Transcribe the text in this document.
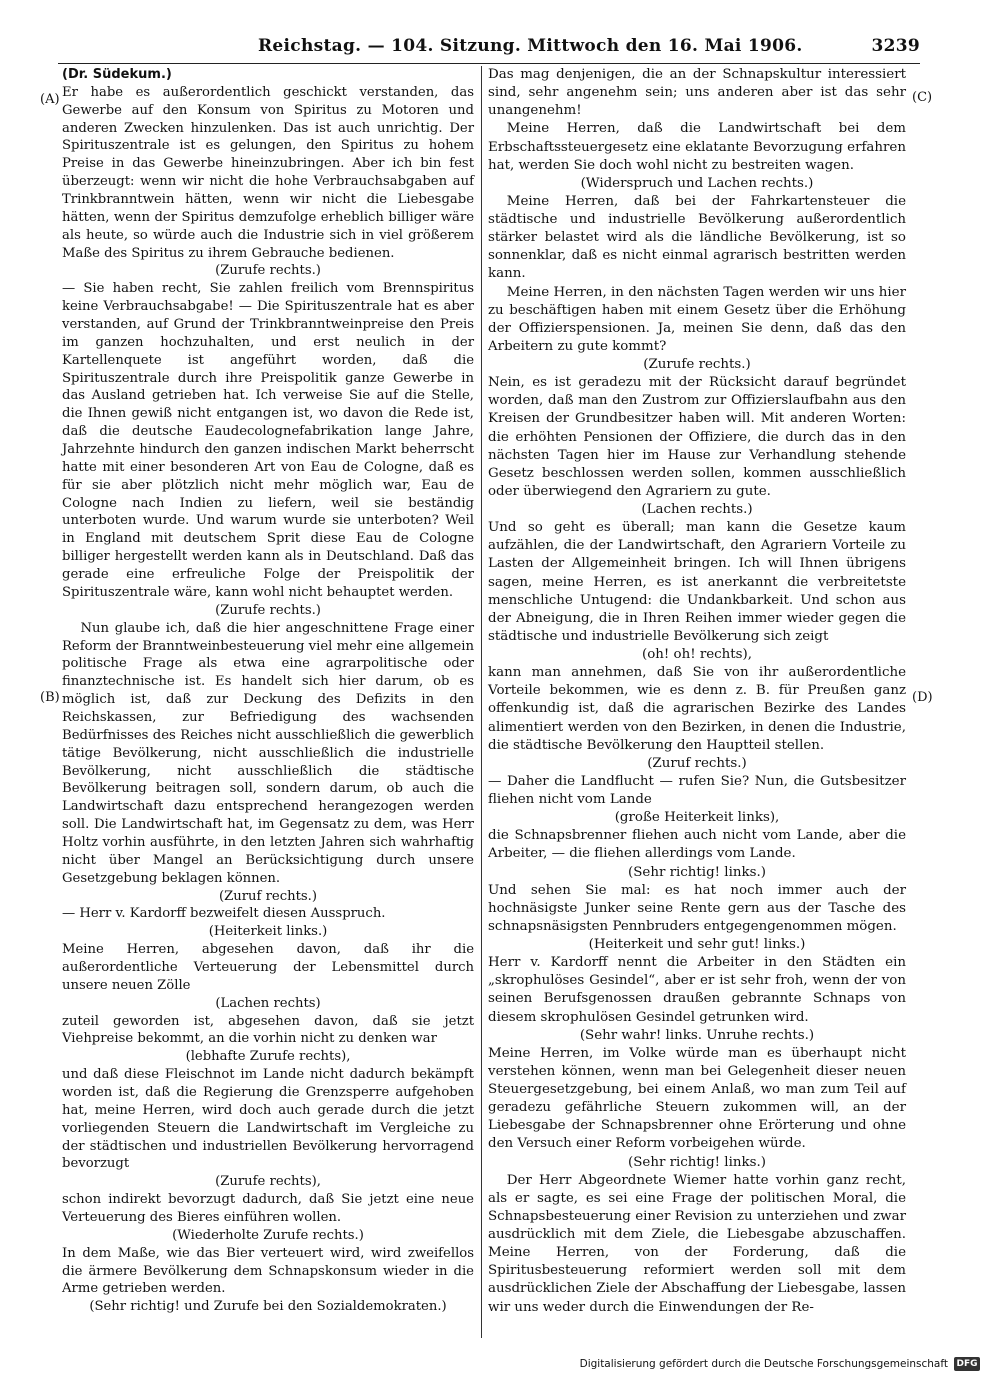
Reichstag. — 104. Sitzung. Mittwoch den 16. Mai 1906.	3239
(A)
(B)
(C)
(D)

(Dr. Südekum.)

Er habe es außerordentlich geschickt verstanden, das Gewerbe auf den Konsum von Spiritus zu Motoren und anderen Zwecken hinzulenken. Das ist auch unrichtig. Der Spirituszentrale ist es gelungen, den Spiritus zu hohem Preise in das Gewerbe hineinzubringen. Aber ich bin fest überzeugt: wenn wir nicht die hohe Verbrauchsabgaben auf Trinkbranntwein hätten, wenn wir nicht die Liebesgabe hätten, wenn der Spiritus demzufolge erheblich billiger wäre als heute, so würde auch die Industrie sich in viel größerem Maße des Spiritus zu ihrem Gebrauche bedienen.

(Zurufe rechts.)

— Sie haben recht, Sie zahlen freilich vom Brennspiritus keine Verbrauchsabgabe! — Die Spirituszentrale hat es aber verstanden, auf Grund der Trinkbranntweinpreise den Preis im ganzen hochzuhalten, und erst neulich in der Kartellenquete ist angeführt worden, daß die Spirituszentrale durch ihre Preispolitik ganze Gewerbe in das Ausland getrieben hat. Ich verweise Sie auf die Stelle, die Ihnen gewiß nicht entgangen ist, wo davon die Rede ist, daß die deutsche Eaudecolognefabrikation lange Jahre, Jahrzehnte hindurch den ganzen indischen Markt beherrscht hatte mit einer besonderen Art von Eau de Cologne, daß es für sie aber plötzlich nicht mehr möglich war, Eau de Cologne nach Indien zu liefern, weil sie beständig unterboten wurde. Und warum wurde sie unterboten? Weil in England mit deutschem Sprit diese Eau de Cologne billiger hergestellt werden kann als in Deutschland. Daß das gerade eine erfreuliche Folge der Preispolitik der Spirituszentrale wäre, kann wohl nicht behauptet werden.

(Zurufe rechts.)

Nun glaube ich, daß die hier angeschnittene Frage einer Reform der Branntweinbesteuerung viel mehr eine allgemein politische Frage als etwa eine agrarpolitische oder finanztechnische ist. Es handelt sich hier darum, ob es möglich ist, daß zur Deckung des Defizits in den Reichskassen, zur Befriedigung des wachsenden Bedürfnisses des Reiches nicht ausschließlich die gewerblich tätige Bevölkerung, nicht ausschließlich die industrielle Bevölkerung, nicht ausschließlich die städtische Bevölkerung beitragen soll, sondern darum, ob auch die Landwirtschaft dazu entsprechend herangezogen werden soll. Die Landwirtschaft hat, im Gegensatz zu dem, was Herr Holtz vorhin ausführte, in den letzten Jahren sich wahrhaftig nicht über Mangel an Berücksichtigung durch unsere Gesetzgebung beklagen können.

(Zuruf rechts.)

— Herr v. Kardorff bezweifelt diesen Ausspruch.

(Heiterkeit links.)

Meine Herren, abgesehen davon, daß ihr die außerordentliche Verteuerung der Lebensmittel durch unsere neuen Zölle

(Lachen rechts)

zuteil geworden ist, abgesehen davon, daß sie jetzt Viehpreise bekommt, an die vorhin nicht zu denken war

(lebhafte Zurufe rechts),

und daß diese Fleischnot im Lande nicht dadurch bekämpft worden ist, daß die Regierung die Grenzsperre aufgehoben hat, meine Herren, wird doch auch gerade durch die jetzt vorliegenden Steuern die Landwirtschaft im Vergleiche zu der städtischen und industriellen Bevölkerung hervorragend bevorzugt

(Zurufe rechts),

schon indirekt bevorzugt dadurch, daß Sie jetzt eine neue Verteuerung des Bieres einführen wollen.

(Wiederholte Zurufe rechts.)

In dem Maße, wie das Bier verteuert wird, wird zweifellos die ärmere Bevölkerung dem Schnapskonsum wieder in die Arme getrieben werden.

(Sehr richtig! und Zurufe bei den Sozialdemokraten.)

Das mag denjenigen, die an der Schnapskultur interessiert sind, sehr angenehm sein; uns anderen aber ist das sehr unangenehm!

Meine Herren, daß die Landwirtschaft bei dem Erbschaftssteuergesetz eine eklatante Bevorzugung erfahren hat, werden Sie doch wohl nicht zu bestreiten wagen.

(Widerspruch und Lachen rechts.)

Meine Herren, daß bei der Fahrkartensteuer die städtische und industrielle Bevölkerung außerordentlich stärker belastet wird als die ländliche Bevölkerung, ist so sonnenklar, daß es nicht einmal agrarisch bestritten werden kann.

Meine Herren, in den nächsten Tagen werden wir uns hier zu beschäftigen haben mit einem Gesetz über die Erhöhung der Offizierspensionen. Ja, meinen Sie denn, daß das den Arbeitern zu gute kommt?

(Zurufe rechts.)

Nein, es ist geradezu mit der Rücksicht darauf begründet worden, daß man den Zustrom zur Offizierslaufbahn aus den Kreisen der Grundbesitzer haben will. Mit anderen Worten: die erhöhten Pensionen der Offiziere, die durch das in den nächsten Tagen hier im Hause zur Verhandlung stehende Gesetz beschlossen werden sollen, kommen ausschließlich oder überwiegend den Agrariern zu gute.

(Lachen rechts.)

Und so geht es überall; man kann die Gesetze kaum aufzählen, die der Landwirtschaft, den Agrariern Vorteile zu Lasten der Allgemeinheit bringen. Ich will Ihnen übrigens sagen, meine Herren, es ist anerkannt die verbreitetste menschliche Untugend: die Undankbarkeit. Und schon aus der Abneigung, die in Ihren Reihen immer wieder gegen die städtische und industrielle Bevölkerung sich zeigt

(oh! oh! rechts),

kann man annehmen, daß Sie von ihr außerordentliche Vorteile bekommen, wie es denn z. B. für Preußen ganz offenkundig ist, daß die agrarischen Bezirke des Landes alimentiert werden von den Bezirken, in denen die Industrie, die städtische Bevölkerung den Hauptteil stellen.

(Zuruf rechts.)

— Daher die Landflucht — rufen Sie? Nun, die Gutsbesitzer fliehen nicht vom Lande

(große Heiterkeit links),

die Schnapsbrenner fliehen auch nicht vom Lande, aber die Arbeiter, — die fliehen allerdings vom Lande.

(Sehr richtig! links.)

Und sehen Sie mal: es hat noch immer auch der hochnäsigste Junker seine Rente gern aus der Tasche des schnapsnäsigsten Pennbruders entgegengenommen mögen.

(Heiterkeit und sehr gut! links.)

Herr v. Kardorff nennt die Arbeiter in den Städten ein „skrophulöses Gesindel“, aber er ist sehr froh, wenn der von seinen Berufsgenossen draußen gebrannte Schnaps von diesem skrophulösen Gesindel getrunken wird.

(Sehr wahr! links. Unruhe rechts.)

Meine Herren, im Volke würde man es überhaupt nicht verstehen können, wenn man bei Gelegenheit dieser neuen Steuergesetzgebung, bei einem Anlaß, wo man zum Teil auf geradezu gefährliche Steuern zukommen will, an der Liebesgabe der Schnapsbrenner ohne Erörterung und ohne den Versuch einer Reform vorbeigehen würde.

(Sehr richtig! links.)

Der Herr Abgeordnete Wiemer hatte vorhin ganz recht, als er sagte, es sei eine Frage der politischen Moral, die Schnapsbesteuerung einer Revision zu unterziehen und zwar ausdrücklich mit dem Ziele, die Liebesgabe abzuschaffen. Meine Herren, von der Forderung, daß die Spiritusbesteuerung reformiert werden soll mit dem ausdrücklichen Ziele der Abschaffung der Liebesgabe, lassen wir uns weder durch die Einwendungen der Re-

Digitalisierung gefördert durch die Deutsche Forschungsgemeinschaft DFG
